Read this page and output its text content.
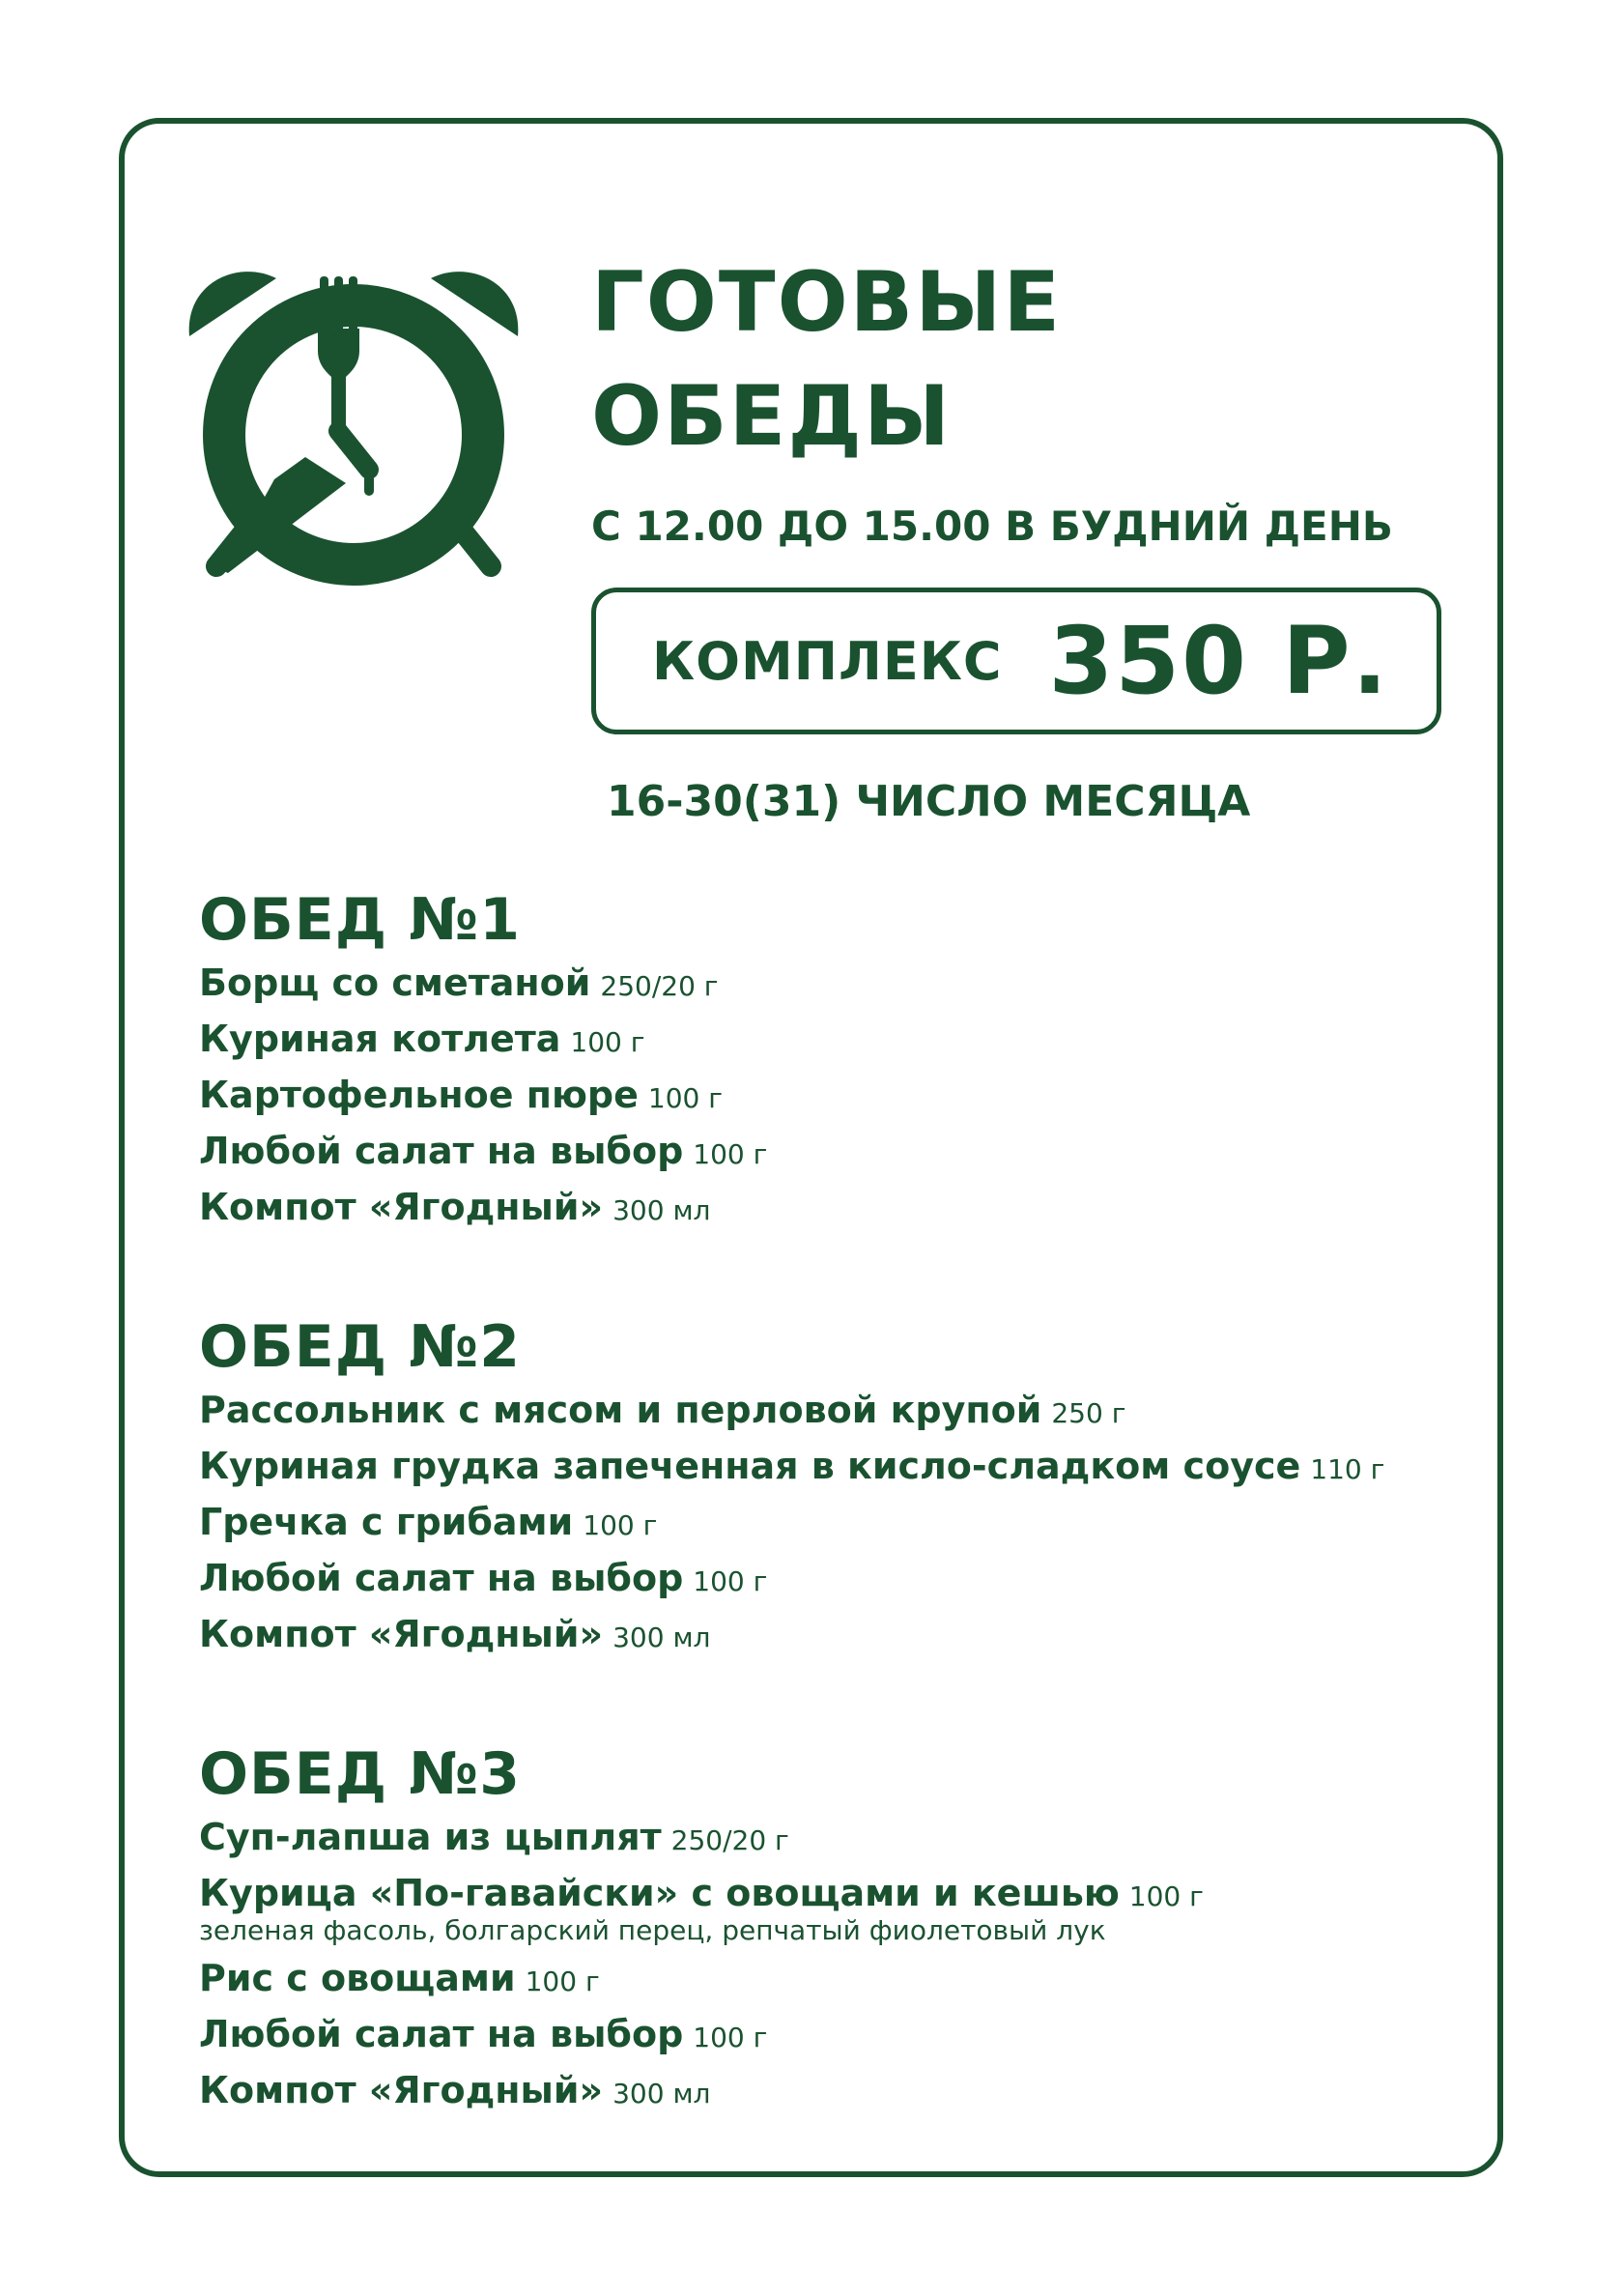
ГОТОВЫЕ
ОБЕДЫ
С 12.00 ДО 15.00 В БУДНИЙ ДЕНЬ
КОМПЛЕКС 350 Р.
16-30(31) ЧИСЛО МЕСЯЦА
ОБЕД №1
Борщ со сметаной 250/20 г
Куриная котлета 100 г
Картофельное пюре 100 г
Любой салат на выбор 100 г
Компот «Ягодный» 300 мл
ОБЕД №2
Рассольник с мясом и перловой крупой 250 г
Куриная грудка запеченная в кисло-сладком соусе 110 г
Гречка с грибами 100 г
Любой салат на выбор 100 г
Компот «Ягодный» 300 мл
ОБЕД №3
Суп-лапша из цыплят 250/20 г
Курица «По-гавайски» с овощами и кешью 100 г
зеленая фасоль, болгарский перец, репчатый фиолетовый лук
Рис с овощами 100 г
Любой салат на выбор 100 г
Компот «Ягодный» 300 мл
